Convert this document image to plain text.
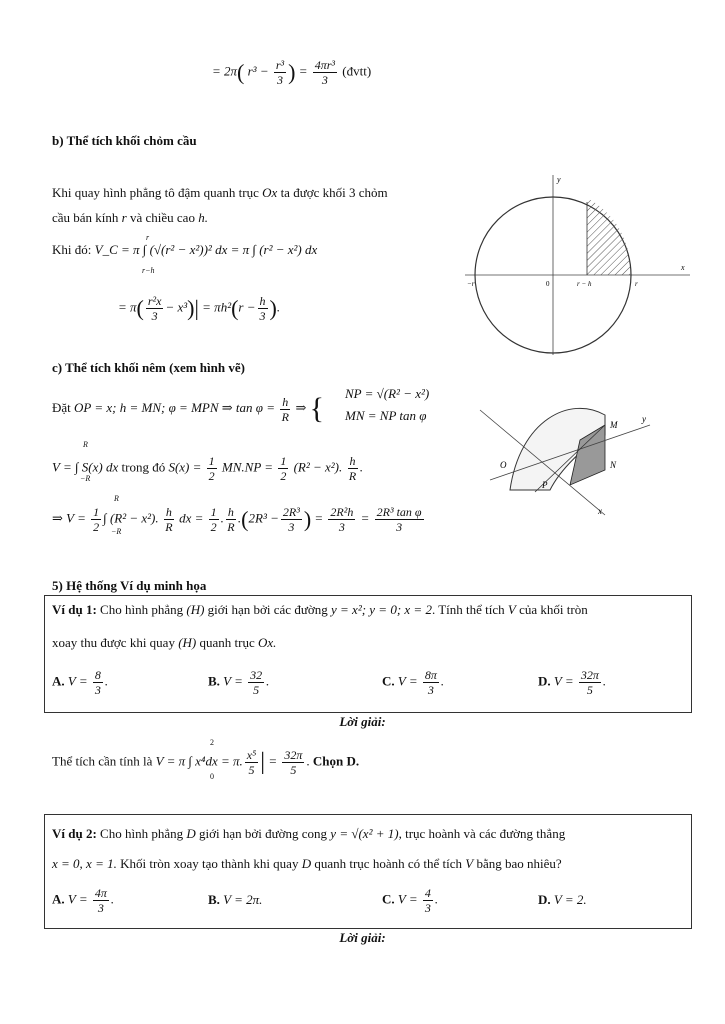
= 2π( $r^3 - \frac{\text{r³}}{3}$ ) = $\frac{\text{4πr³}}{3}$ (đvtt)
b) Thể tích khối chỏm cầu
Khi quay hình phẳng tô đậm quanh trục Ox ta được khối 3 chỏm
cầu bán kính r và chiều cao h.
Khi đó: V_C = π ∫ (√(r² − x²))² dx = π ∫ (r² − x²) dx
r
r−h
= $\pi( \frac{\text{r²x}}{3} - x^3)| = \pi h^2(r - \frac{h}{3}$ ).
y
x
−r	0	r − h	r
c) Thể tích khối nêm (xem hình vẽ)
Đặt OP = x; h = MN; φ = MPN ⇒ $\tan \varphi = \frac{h}{R}$ ⇒ { NP = √(R² − x²)
MN = NP tan φ
V = ∫ S(x) dx trong đó $S(x) = \frac{1}{2} MN.NP = \frac{1}{2} (R^2 - x^2)$. $\frac{h}{R}$ .
R
−R
⇒ $V = \frac{1}{2}$ ∫ (R² − x²). $\frac{h}{R}$ dx = $\frac{1}{2}$ . $\frac{h}{R} .(2R^3 - \frac{\text{2R³}}{3}$ ) = $\frac{\text{2R²h}}{3} = \frac{\text{2R³ tan φ}}{3}$
R
−R
M
y
N
O
P
x
5) Hệ thống Ví dụ minh họa
Ví dụ 1: Cho hình phẳng (H) giới hạn bởi các đường y = x²; y = 0; x = 2. Tính thể tích V của khối tròn
xoay thu được khi quay (H) quanh trục Ox.
A. $V = \frac{8}{3}$ .	B. $V = \frac{32}{5}$ .	C. $V = \frac{8\pi}{3}$ .	D. $V = \frac{32\pi}{5}$ .
Lời giải:
Thể tích cần tính là V = π ∫ x⁴dx = π. $\frac{\text{x⁵}}{5}$ | = $\frac{32\pi}{5}$ . Chọn D.
2
0
Ví dụ 2: Cho hình phẳng D giới hạn bởi đường cong y = √(x² + 1), trục hoành và các đường thẳng
x = 0, x = 1. Khối tròn xoay tạo thành khi quay D quanh trục hoành có thể tích V bằng bao nhiêu?
A. $V = \frac{4\pi}{3}$ .	B. V = 2π.	C. $V = \frac{4}{3}$ .	D. V = 2.
Lời giải:
